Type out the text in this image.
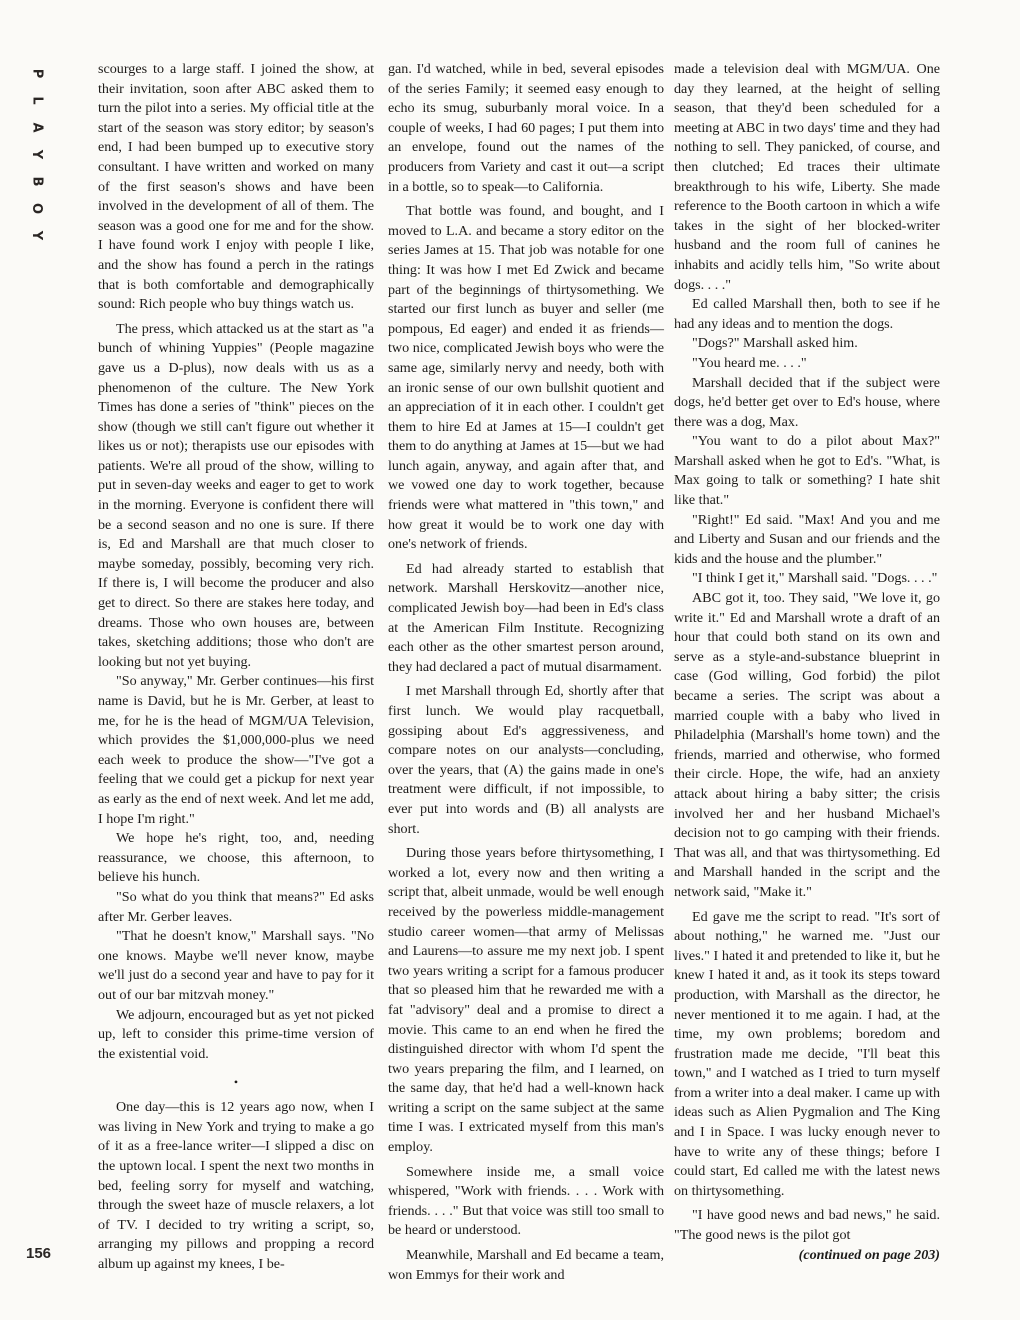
P
L
A
Y
B
O
Y
156

scourges to a large staff. I joined the show, at their invitation, soon after ABC asked them to turn the pilot into a series. My official title at the start of the season was story editor; by season's end, I had been bumped up to executive story consultant. I have written and worked on many of the first season's shows and have been involved in the development of all of them. The season was a good one for me and for the show. I have found work I enjoy with people I like, and the show has found a perch in the ratings that is both comfortable and demographically sound: Rich people who buy things watch us.

The press, which attacked us at the start as "a bunch of whining Yuppies" (People magazine gave us a D-plus), now deals with us as a phenomenon of the culture. The New York Times has done a series of "think" pieces on the show (though we still can't figure out whether it likes us or not); therapists use our episodes with patients. We're all proud of the show, willing to put in seven-day weeks and eager to get to work in the morning. Everyone is confident there will be a second season and no one is sure. If there is, Ed and Marshall are that much closer to maybe someday, possibly, becoming very rich. If there is, I will become the producer and also get to direct. So there are stakes here today, and dreams. Those who own houses are, between takes, sketching additions; those who don't are looking but not yet buying.

"So anyway," Mr. Gerber continues—his first name is David, but he is Mr. Gerber, at least to me, for he is the head of MGM/UA Television, which provides the $1,000,000-plus we need each week to produce the show—"I've got a feeling that we could get a pickup for next year as early as the end of next week. And let me add, I hope I'm right."

We hope he's right, too, and, needing reassurance, we choose, this afternoon, to believe his hunch.

"So what do you think that means?" Ed asks after Mr. Gerber leaves.

"That he doesn't know," Marshall says. "No one knows. Maybe we'll never know, maybe we'll just do a second year and have to pay for it out of our bar mitzvah money."

We adjourn, encouraged but as yet not picked up, left to consider this prime-time version of the existential void.

•

One day—this is 12 years ago now, when I was living in New York and trying to make a go of it as a free-lance writer—I slipped a disc on the uptown local. I spent the next two months in bed, feeling sorry for myself and watching, through the sweet haze of muscle relaxers, a lot of TV. I decided to try writing a script, so, arranging my pillows and propping a record album up against my knees, I be-

gan. I'd watched, while in bed, several episodes of the series Family; it seemed easy enough to echo its smug, suburbanly moral voice. In a couple of weeks, I had 60 pages; I put them into an envelope, found out the names of the producers from Variety and cast it out—a script in a bottle, so to speak—to California.

That bottle was found, and bought, and I moved to L.A. and became a story editor on the series James at 15. That job was notable for one thing: It was how I met Ed Zwick and became part of the beginnings of thirtysomething. We started our first lunch as buyer and seller (me pompous, Ed eager) and ended it as friends—two nice, complicated Jewish boys who were the same age, similarly nervy and needy, both with an ironic sense of our own bullshit quotient and an appreciation of it in each other. I couldn't get them to hire Ed at James at 15—I couldn't get them to do anything at James at 15—but we had lunch again, anyway, and again after that, and we vowed one day to work together, because friends were what mattered in "this town," and how great it would be to work one day with one's network of friends.

Ed had already started to establish that network. Marshall Herskovitz—another nice, complicated Jewish boy—had been in Ed's class at the American Film Institute. Recognizing each other as the other smartest person around, they had declared a pact of mutual disarmament.

I met Marshall through Ed, shortly after that first lunch. We would play racquetball, gossiping about Ed's aggressiveness, and compare notes on our analysts—concluding, over the years, that (A) the gains made in one's treatment were difficult, if not impossible, to ever put into words and (B) all analysts are short.

During those years before thirtysomething, I worked a lot, every now and then writing a script that, albeit unmade, would be well enough received by the powerless middle-management studio career women—that army of Melissas and Laurens—to assure me my next job. I spent two years writing a script for a famous producer that so pleased him that he rewarded me with a fat "advisory" deal and a promise to direct a movie. This came to an end when he fired the distinguished director with whom I'd spent the two years preparing the film, and I learned, on the same day, that he'd had a well-known hack writing a script on the same subject at the same time I was. I extricated myself from this man's employ.

Somewhere inside me, a small voice whispered, "Work with friends. . . . Work with friends. . . ." But that voice was still too small to be heard or understood.

Meanwhile, Marshall and Ed became a team, won Emmys for their work and

made a television deal with MGM/UA. One day they learned, at the height of selling season, that they'd been scheduled for a meeting at ABC in two days' time and they had nothing to sell. They panicked, of course, and then clutched; Ed traces their ultimate breakthrough to his wife, Liberty. She made reference to the Booth cartoon in which a wife takes in the sight of her blocked-writer husband and the room full of canines he inhabits and acidly tells him, "So write about dogs. . . ."

Ed called Marshall then, both to see if he had any ideas and to mention the dogs.

"Dogs?" Marshall asked him.

"You heard me. . . ."

Marshall decided that if the subject were dogs, he'd better get over to Ed's house, where there was a dog, Max.

"You want to do a pilot about Max?" Marshall asked when he got to Ed's. "What, is Max going to talk or something? I hate shit like that."

"Right!" Ed said. "Max! And you and me and Liberty and Susan and our friends and the kids and the house and the plumber."

"I think I get it," Marshall said. "Dogs. . . ."

ABC got it, too. They said, "We love it, go write it." Ed and Marshall wrote a draft of an hour that could both stand on its own and serve as a style-and-substance blueprint in case (God willing, God forbid) the pilot became a series. The script was about a married couple with a baby who lived in Philadelphia (Marshall's home town) and the friends, married and otherwise, who formed their circle. Hope, the wife, had an anxiety attack about hiring a baby sitter; the crisis involved her and her husband Michael's decision not to go camping with their friends. That was all, and that was thirtysomething. Ed and Marshall handed in the script and the network said, "Make it."

Ed gave me the script to read. "It's sort of about nothing," he warned me. "Just our lives." I hated it and pretended to like it, but he knew I hated it and, as it took its steps toward production, with Marshall as the director, he never mentioned it to me again. I had, at the time, my own problems; boredom and frustration made me decide, "I'll beat this town," and I watched as I tried to turn myself from a writer into a deal maker. I came up with ideas such as Alien Pygmalion and The King and I in Space. I was lucky enough never to have to write any of these things; before I could start, Ed called me with the latest news on thirtysomething.

"I have good news and bad news," he said. "The good news is the pilot got

(continued on page 203)
